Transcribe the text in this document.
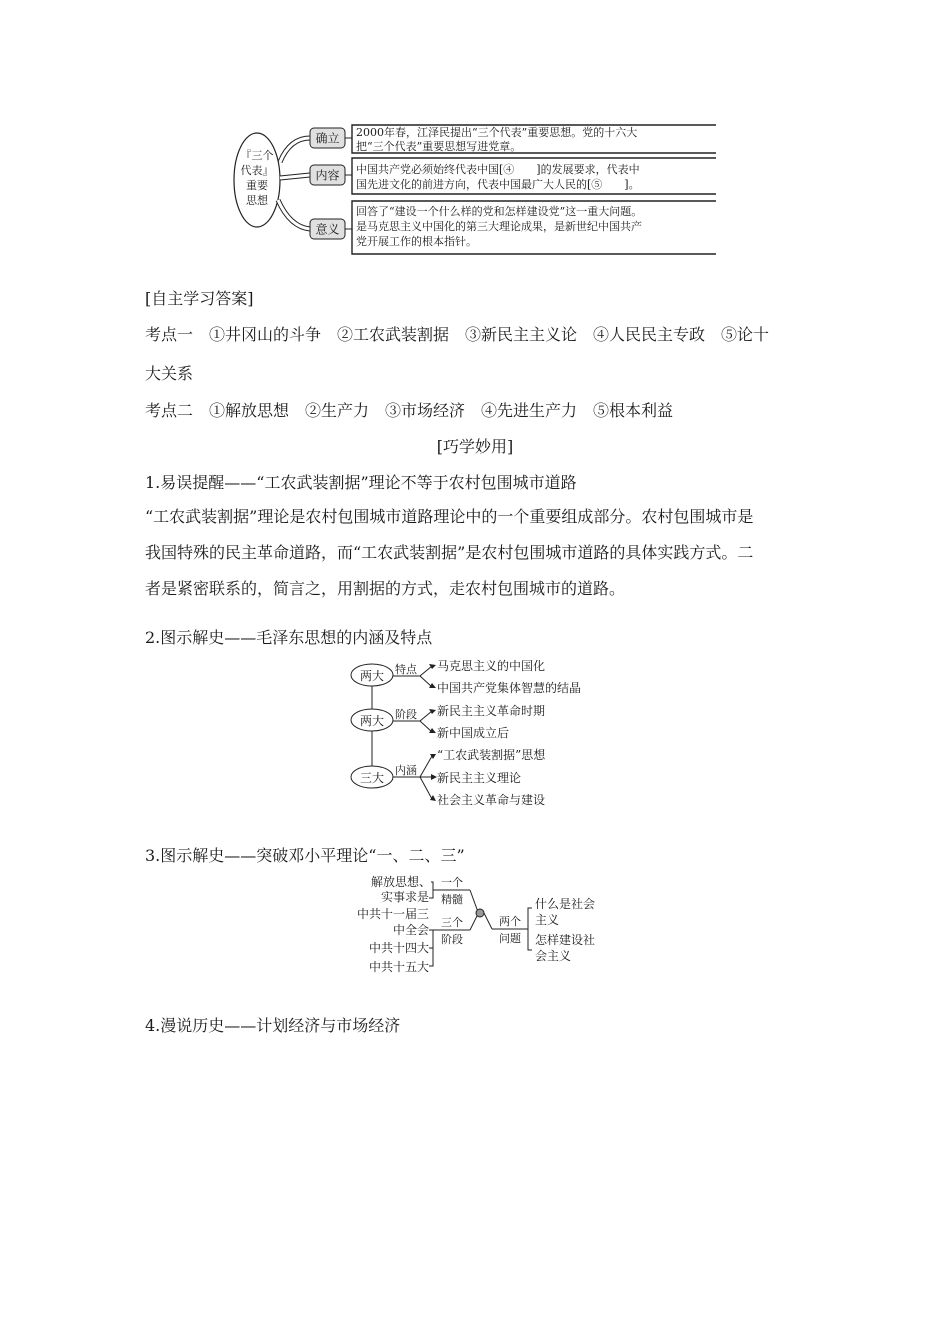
『三个
代表』
重要
思想
确立
内容
意义
2000年春，江泽民提出“三个代表”重要思想。党的十六大
把“三个代表”重要思想写进党章。
中国共产党必须始终代表中国[④　　]的发展要求，代表中
国先进文化的前进方向，代表中国最广大人民的[⑤　　]。
回答了“建设一个什么样的党和怎样建设党”这一重大问题。
是马克思主义中国化的第三大理论成果，是新世纪中国共产
党开展工作的根本指针。
[自主学习答案]
考点一　①井冈山的斗争　②工农武装割据　③新民主主义论　④人民民主专政　⑤论十
大关系
考点二　①解放思想　②生产力　③市场经济　④先进生产力　⑤根本利益
[巧学妙用]
1.易误提醒——“工农武装割据”理论不等于农村包围城市道路
“工农武装割据”理论是农村包围城市道路理论中的一个重要组成部分。农村包围城市是
我国特殊的民主革命道路，而“工农武装割据”是农村包围城市道路的具体实践方式。二
者是紧密联系的，简言之，用割据的方式，走农村包围城市的道路。
2.图示解史——毛泽东思想的内涵及特点
两大
两大
三大
特点 马克思主义的中国化
中国共产党集体智慧的结晶
阶段 新民主主义革命时期
新中国成立后
内涵
“工农武装割据”思想
新民主主义理论
社会主义革命与建设
3.图示解史——突破邓小平理论“一、二、三”
解放思想、
实事求是
中共十一届三
中全会
中共十四大
中共十五大
一个
精髓
三个
阶段
两个
问题
什么是社会
主义
怎样建设社
会主义
4.漫说历史——计划经济与市场经济
